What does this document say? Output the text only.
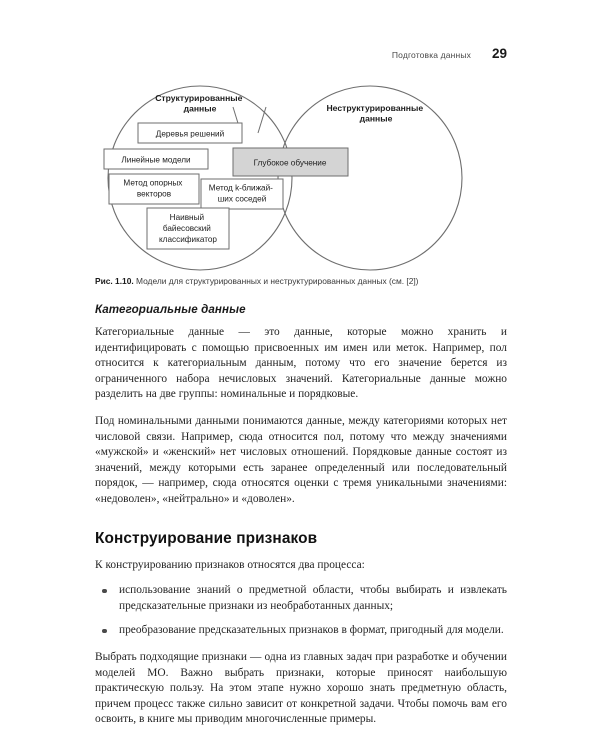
Подготовка данных	29
Структурированные данные	Неструктурированные данные
Деревья решений
Линейные модели
Метод опорных векторов
Метод k-ближай- ших соседей
Наивный байесовский классификатор
Глубокое обучение
Рис. 1.10. Модели для структурированных и неструктурированных данных (см. [2])
Категориальные данные

Категориальные данные — это данные, которые можно хранить и идентифицировать с помощью присвоенных им имен или меток. Например, пол относится к категориальным данным, потому что его значение берется из ограниченного набора нечисловых значений. Категориальные данные можно разделить на две группы: номинальные и порядковые.

Под номинальными данными понимаются данные, между категориями которых нет числовой связи. Например, сюда относится пол, потому что между значениями «мужской» и «женский» нет числовых отношений. Порядковые данные состоят из значений, между которыми есть заранее определенный или последовательный порядок, — например, сюда относятся оценки с тремя уникальными значениями: «недоволен», «нейтрально» и «доволен».

Конструирование признаков

К конструированию признаков относятся два процесса:

использование знаний о предметной области, чтобы выбирать и извлекать предсказательные признаки из необработанных данных;
преобразование предсказательных признаков в формат, пригодный для модели.

Выбрать подходящие признаки — одна из главных задач при разработке и обучении моделей МО. Важно выбрать признаки, которые приносят наибольшую практическую пользу. На этом этапе нужно хорошо знать предметную область, причем процесс также сильно зависит от конкретной задачи. Чтобы помочь вам его освоить, в книге мы приводим многочисленные примеры.
